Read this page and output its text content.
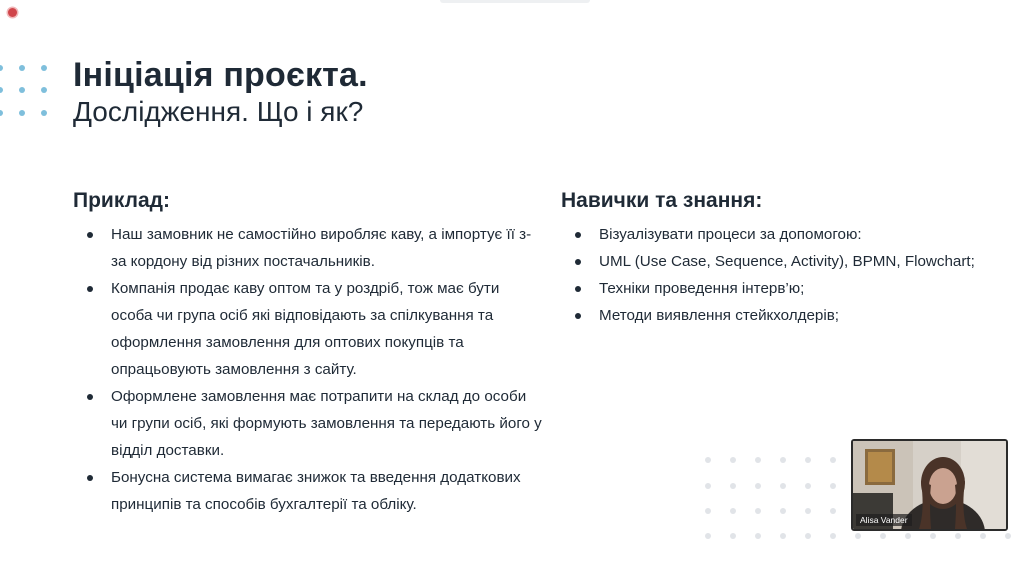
Ініціація проєкта.
Дослідження. Що і як?
Приклад:
Наш замовник не самостійно виробляє каву, а імпортує її з-за кордону від різних постачальників.
Компанія продає каву оптом та у роздріб, тож має бути особа чи група осіб які відповідають за спілкування та оформлення замовлення для оптових покупців та опрацьовують замовлення з сайту.
Оформлене замовлення має потрапити на склад до особи чи групи осіб, які формують замовлення та передають його у відділ доставки.
Бонусна система вимагає знижок та введення додаткових принципів та способів бухгалтерії та обліку.
Навички та знання:
Візуалізувати процеси за допомогою:
UML (Use Case, Sequence, Activity), BPMN, Flowchart;
Техніки проведення інтерв’ю;
Методи виявлення стейкхолдерів;
Alisa Vander
